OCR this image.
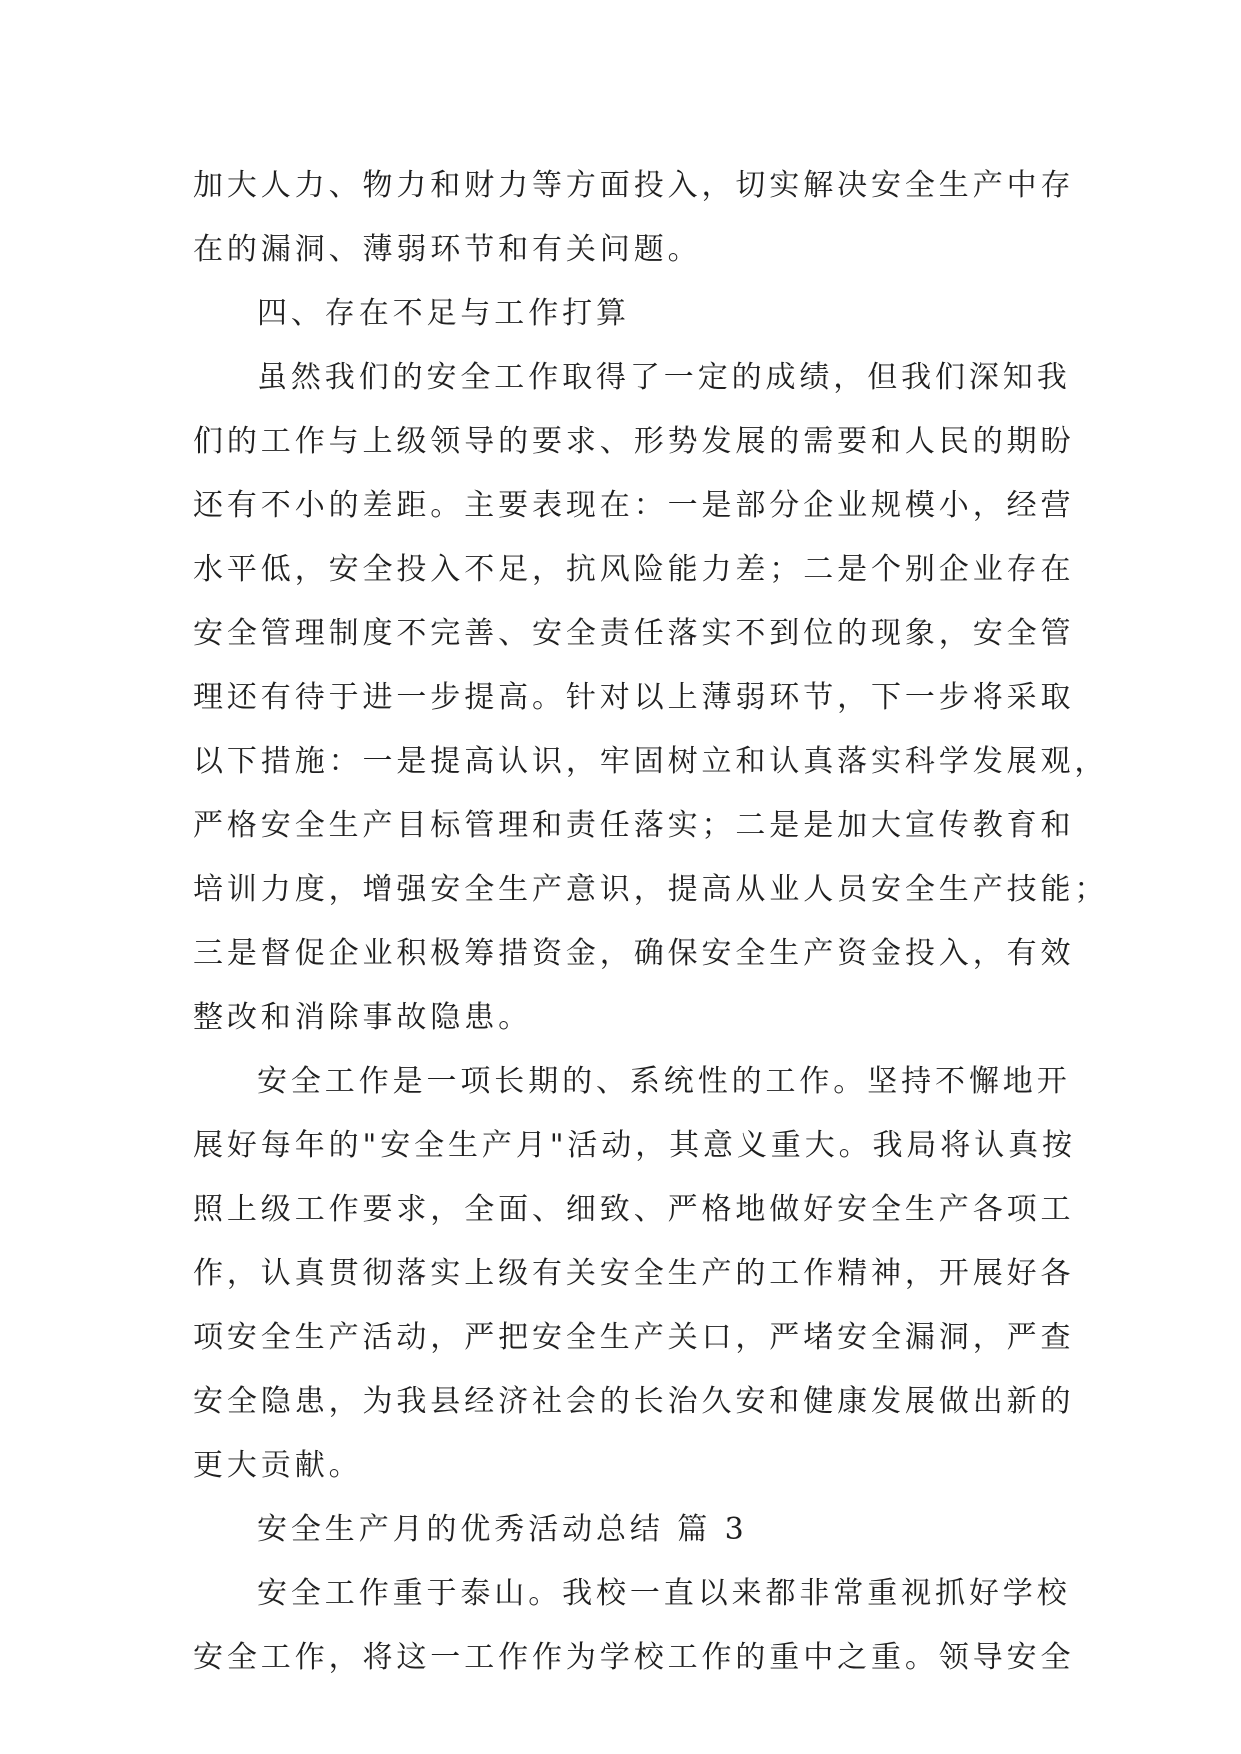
加大人力、物力和财力等方面投入，切实解决安全生产中存
在的漏洞、薄弱环节和有关问题。
四、存在不足与工作打算
虽然我们的安全工作取得了一定的成绩，但我们深知我
们的工作与上级领导的要求、形势发展的需要和人民的期盼
还有不小的差距。主要表现在：一是部分企业规模小，经营
水平低，安全投入不足，抗风险能力差；二是个别企业存在
安全管理制度不完善、安全责任落实不到位的现象，安全管
理还有待于进一步提高。针对以上薄弱环节，下一步将采取
以下措施：一是提高认识，牢固树立和认真落实科学发展观，
严格安全生产目标管理和责任落实；二是是加大宣传教育和
培训力度，增强安全生产意识，提高从业人员安全生产技能；
三是督促企业积极筹措资金，确保安全生产资金投入，有效
整改和消除事故隐患。
安全工作是一项长期的、系统性的工作。坚持不懈地开
展好每年的"安全生产月"活动，其意义重大。我局将认真按
照上级工作要求，全面、细致、严格地做好安全生产各项工
作，认真贯彻落实上级有关安全生产的工作精神，开展好各
项安全生产活动，严把安全生产关口，严堵安全漏洞，严查
安全隐患，为我县经济社会的长治久安和健康发展做出新的
更大贡献。
安全生产月的优秀活动总结 篇 3
安全工作重于泰山。我校一直以来都非常重视抓好学校
安全工作，将这一工作作为学校工作的重中之重。领导安全
